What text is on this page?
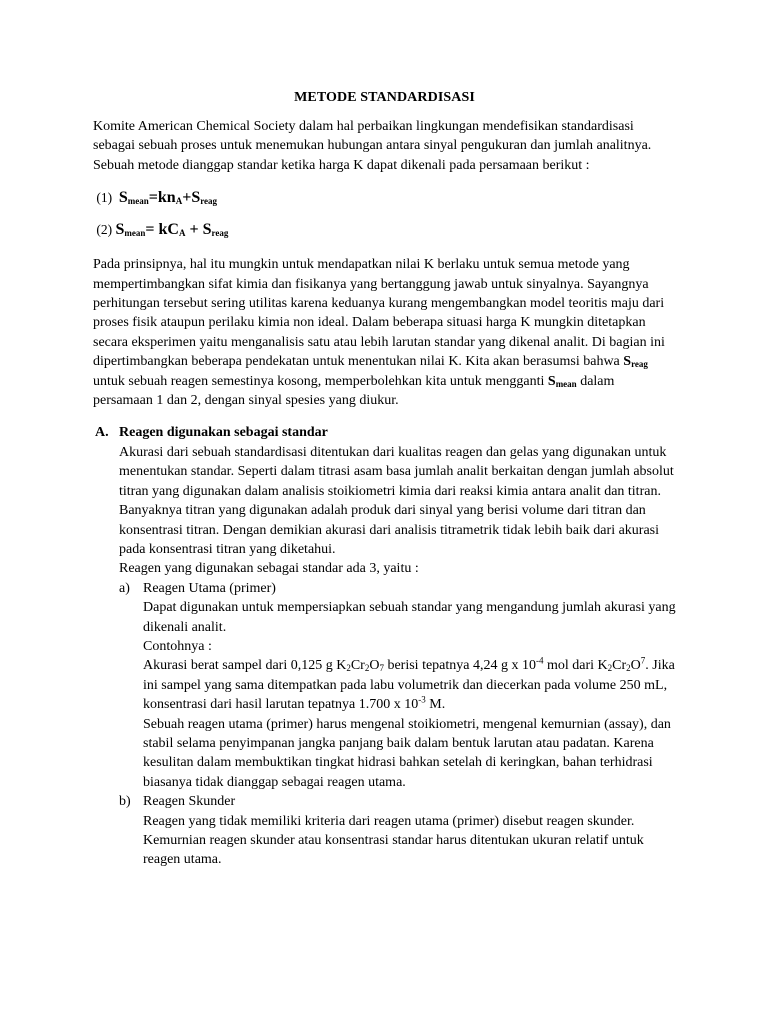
METODE STANDARDISASI

Komite American Chemical Society dalam hal perbaikan lingkungan mendefisikan standardisasi sebagai sebuah proses untuk menemukan hubungan antara sinyal pengukuran dan jumlah analitnya. Sebuah metode dianggap standar ketika harga K dapat dikenali pada persamaan berikut :

(1) $S_{mean}=kn_A+S_{reag}$

(2) $S_{mean}= kC_A + S_{reag}$

Pada prinsipnya, hal itu mungkin untuk mendapatkan nilai K berlaku untuk semua metode yang mempertimbangkan sifat kimia dan fisikanya yang bertanggung jawab untuk sinyalnya. Sayangnya perhitungan tersebut sering utilitas karena keduanya kurang mengembangkan model teoritis maju dari proses fisik ataupun perilaku kimia non ideal. Dalam beberapa situasi harga K mungkin ditetapkan secara eksperimen yaitu menganalisis satu atau lebih larutan standar yang dikenal analit. Di bagian ini dipertimbangkan beberapa pendekatan untuk menentukan nilai K. Kita akan berasumsi bahwa $S_{reag}$ untuk sebuah reagen semestinya kosong, memperbolehkan kita untuk mengganti $S_{mean}$ dalam persamaan 1 dan 2, dengan sinyal spesies yang diukur.

A. Reagen digunakan sebagai standar

Akurasi dari sebuah standardisasi ditentukan dari kualitas reagen dan gelas yang digunakan untuk menentukan standar. Seperti dalam titrasi asam basa jumlah analit berkaitan dengan jumlah absolut titran yang digunakan dalam analisis stoikiometri kimia dari reaksi kimia antara analit dan titran. Banyaknya titran yang digunakan adalah produk dari sinyal yang berisi volume dari titran dan konsentrasi titran. Dengan demikian akurasi dari analisis titrametrik tidak lebih baik dari akurasi pada konsentrasi titran yang diketahui.

Reagen yang digunakan sebagai standar ada 3, yaitu :

a) Reagen Utama (primer)

Dapat digunakan untuk mempersiapkan sebuah standar yang mengandung jumlah akurasi yang dikenali analit.

Contohnya :

Akurasi berat sampel dari 0,125 g $K_2Cr_2O_7$ berisi tepatnya 4,24 g x $10^{-4}$ mol dari $K_2Cr_2O^7$. Jika ini sampel yang sama ditempatkan pada labu volumetrik dan diecerkan pada volume 250 mL, konsentrasi dari hasil larutan tepatnya 1.700 x $10^{-3}$ M.

Sebuah reagen utama (primer) harus mengenal stoikiometri, mengenal kemurnian (assay), dan stabil selama penyimpanan jangka panjang baik dalam bentuk larutan atau padatan. Karena kesulitan dalam membuktikan tingkat hidrasi bahkan setelah di keringkan, bahan terhidrasi biasanya tidak dianggap sebagai reagen utama.

b) Reagen Skunder

Reagen yang tidak memiliki kriteria dari reagen utama (primer) disebut reagen skunder. Kemurnian reagen skunder atau konsentrasi standar harus ditentukan ukuran relatif untuk reagen utama.
